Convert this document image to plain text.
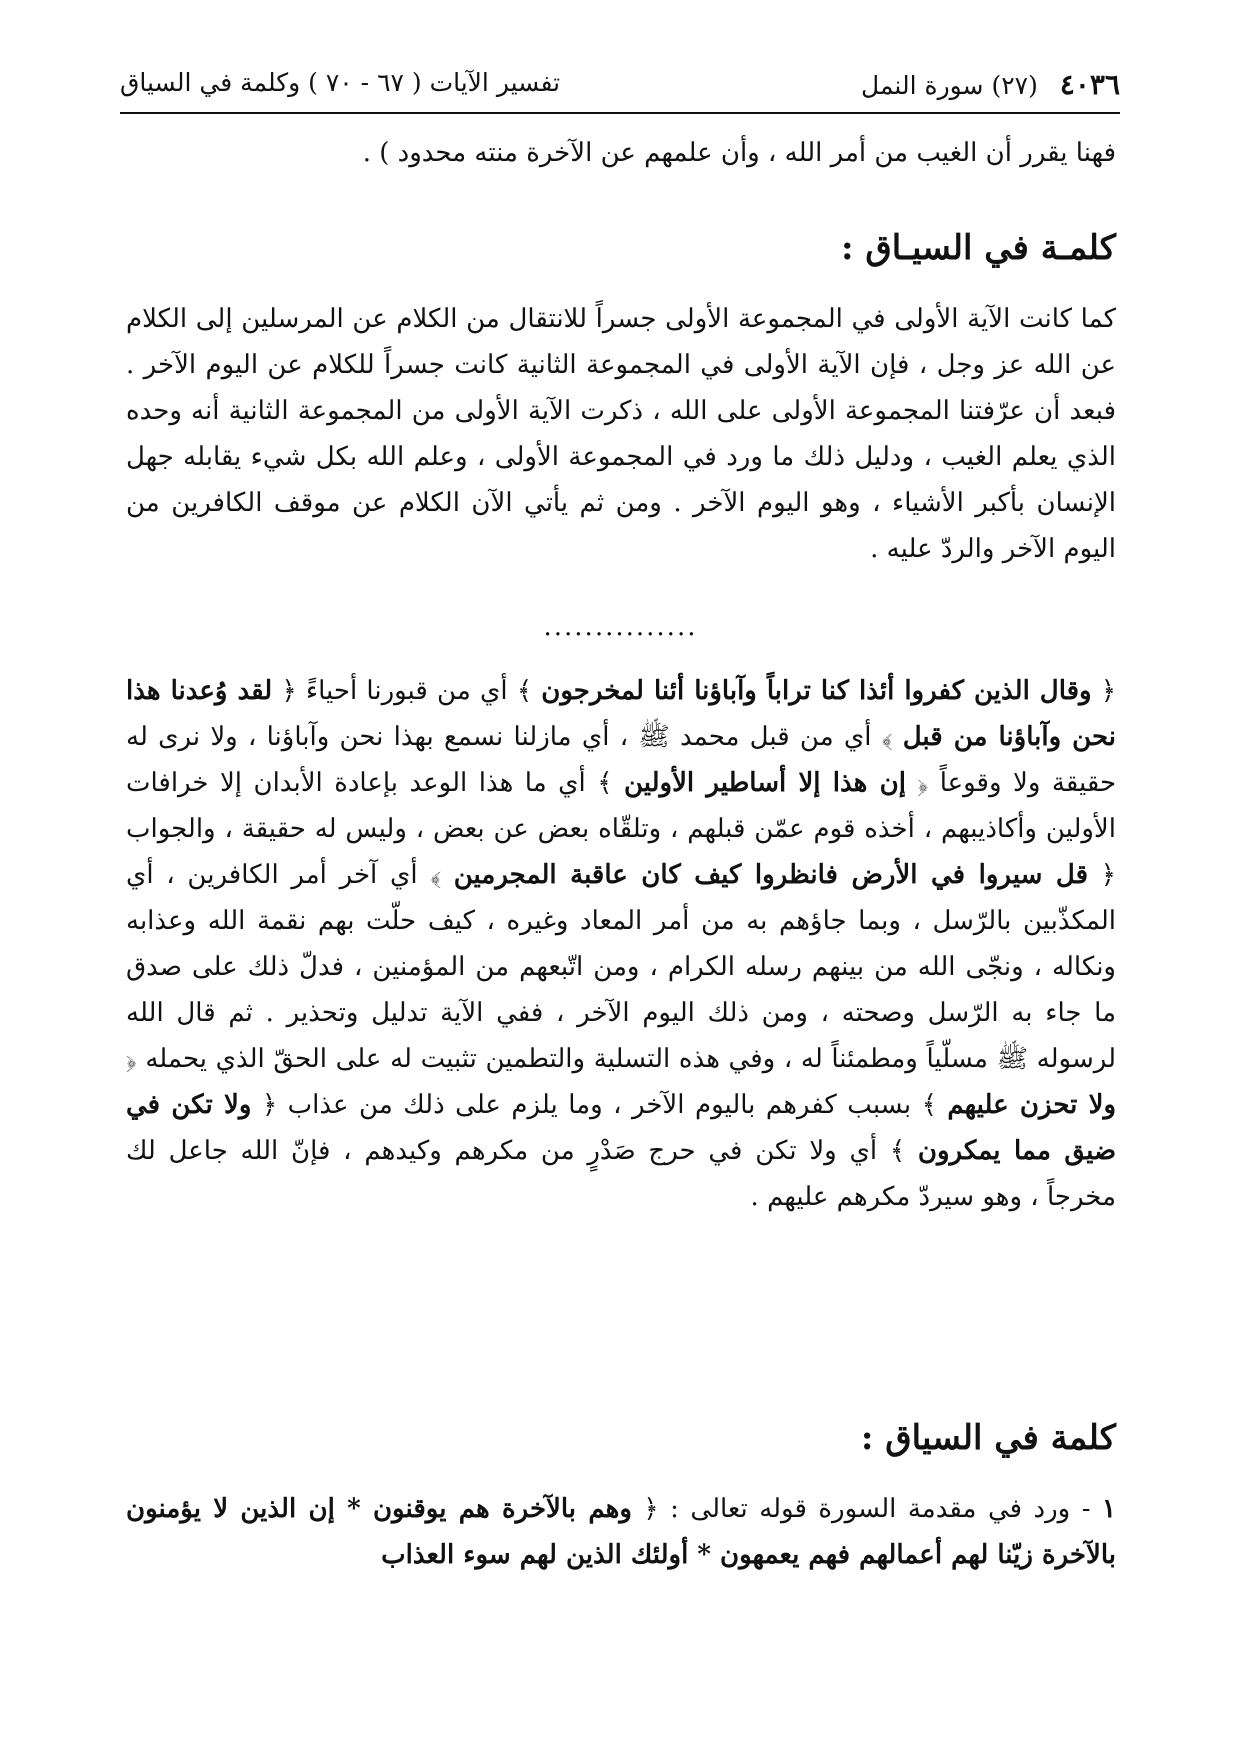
٤٠٣٦(٢٧) سورة النمل
تفسير الآيات ( ٦٧ - ٧٠ ) وكلمة في السياق
فهنا يقرر أن الغيب من أمر الله ، وأن علمهم عن الآخرة منته محدود ) .
كلمـة في السيـاق :
كما كانت الآية الأولى في المجموعة الأولى جسراً للانتقال من الكلام عن المرسلين إلى الكلام عن الله عز وجل ، فإن الآية الأولى في المجموعة الثانية كانت جسراً للكلام عن اليوم الآخر . فبعد أن عرّفتنا المجموعة الأولى على الله ، ذكرت الآية الأولى من المجموعة الثانية أنه وحده الذي يعلم الغيب ، ودليل ذلك ما ورد في المجموعة الأولى ، وعلم الله بكل شيء يقابله جهل الإنسان بأكبر الأشياء ، وهو اليوم الآخر . ومن ثم يأتي الآن الكلام عن موقف الكافرين من اليوم الآخر والردّ عليه .
...............
﴿ وقال الذين كفروا أئذا كنا تراباً وآباؤنا أئنا لمخرجون ﴾ أي من قبورنا أحياءً ﴿ لقد وُعدنا هذا نحن وآباؤنا من قبل ﴾ أي من قبل محمد ﷺ ، أي مازلنا نسمع بهذا نحن وآباؤنا ، ولا نرى له حقيقة ولا وقوعاً ﴿ إن هذا إلا أساطير الأولين ﴾ أي ما هذا الوعد بإعادة الأبدان إلا خرافات الأولين وأكاذيبهم ، أخذه قوم عمّن قبلهم ، وتلقّاه بعض عن بعض ، وليس له حقيقة ، والجواب ﴿ قل سيروا في الأرض فانظروا كيف كان عاقبة المجرمين ﴾ أي آخر أمر الكافرين ، أي المكذّبين بالرّسل ، وبما جاؤهم به من أمر المعاد وغيره ، كيف حلّت بهم نقمة الله وعذابه ونكاله ، ونجّى الله من بينهم رسله الكرام ، ومن اتّبعهم من المؤمنين ، فدلّ ذلك على صدق ما جاء به الرّسل وصحته ، ومن ذلك اليوم الآخر ، ففي الآية تدليل وتحذير . ثم قال الله لرسوله ﷺ مسلّياً ومطمئناً له ، وفي هذه التسلية والتطمين تثبيت له على الحقّ الذي يحمله ﴿ ولا تحزن عليهم ﴾ بسبب كفرهم باليوم الآخر ، وما يلزم على ذلك من عذاب ﴿ ولا تكن في ضيق مما يمكرون ﴾ أي ولا تكن في حرج صَدْرٍ من مكرهم وكيدهم ، فإنّ الله جاعل لك مخرجاً ، وهو سيردّ مكرهم عليهم .
كلمة في السياق :
١ - ورد في مقدمة السورة قوله تعالى : ﴿ وهم بالآخرة هم يوقنون * إن الذين لا يؤمنون بالآخرة زيّنا لهم أعمالهم فهم يعمهون * أولئك الذين لهم سوء العذاب
